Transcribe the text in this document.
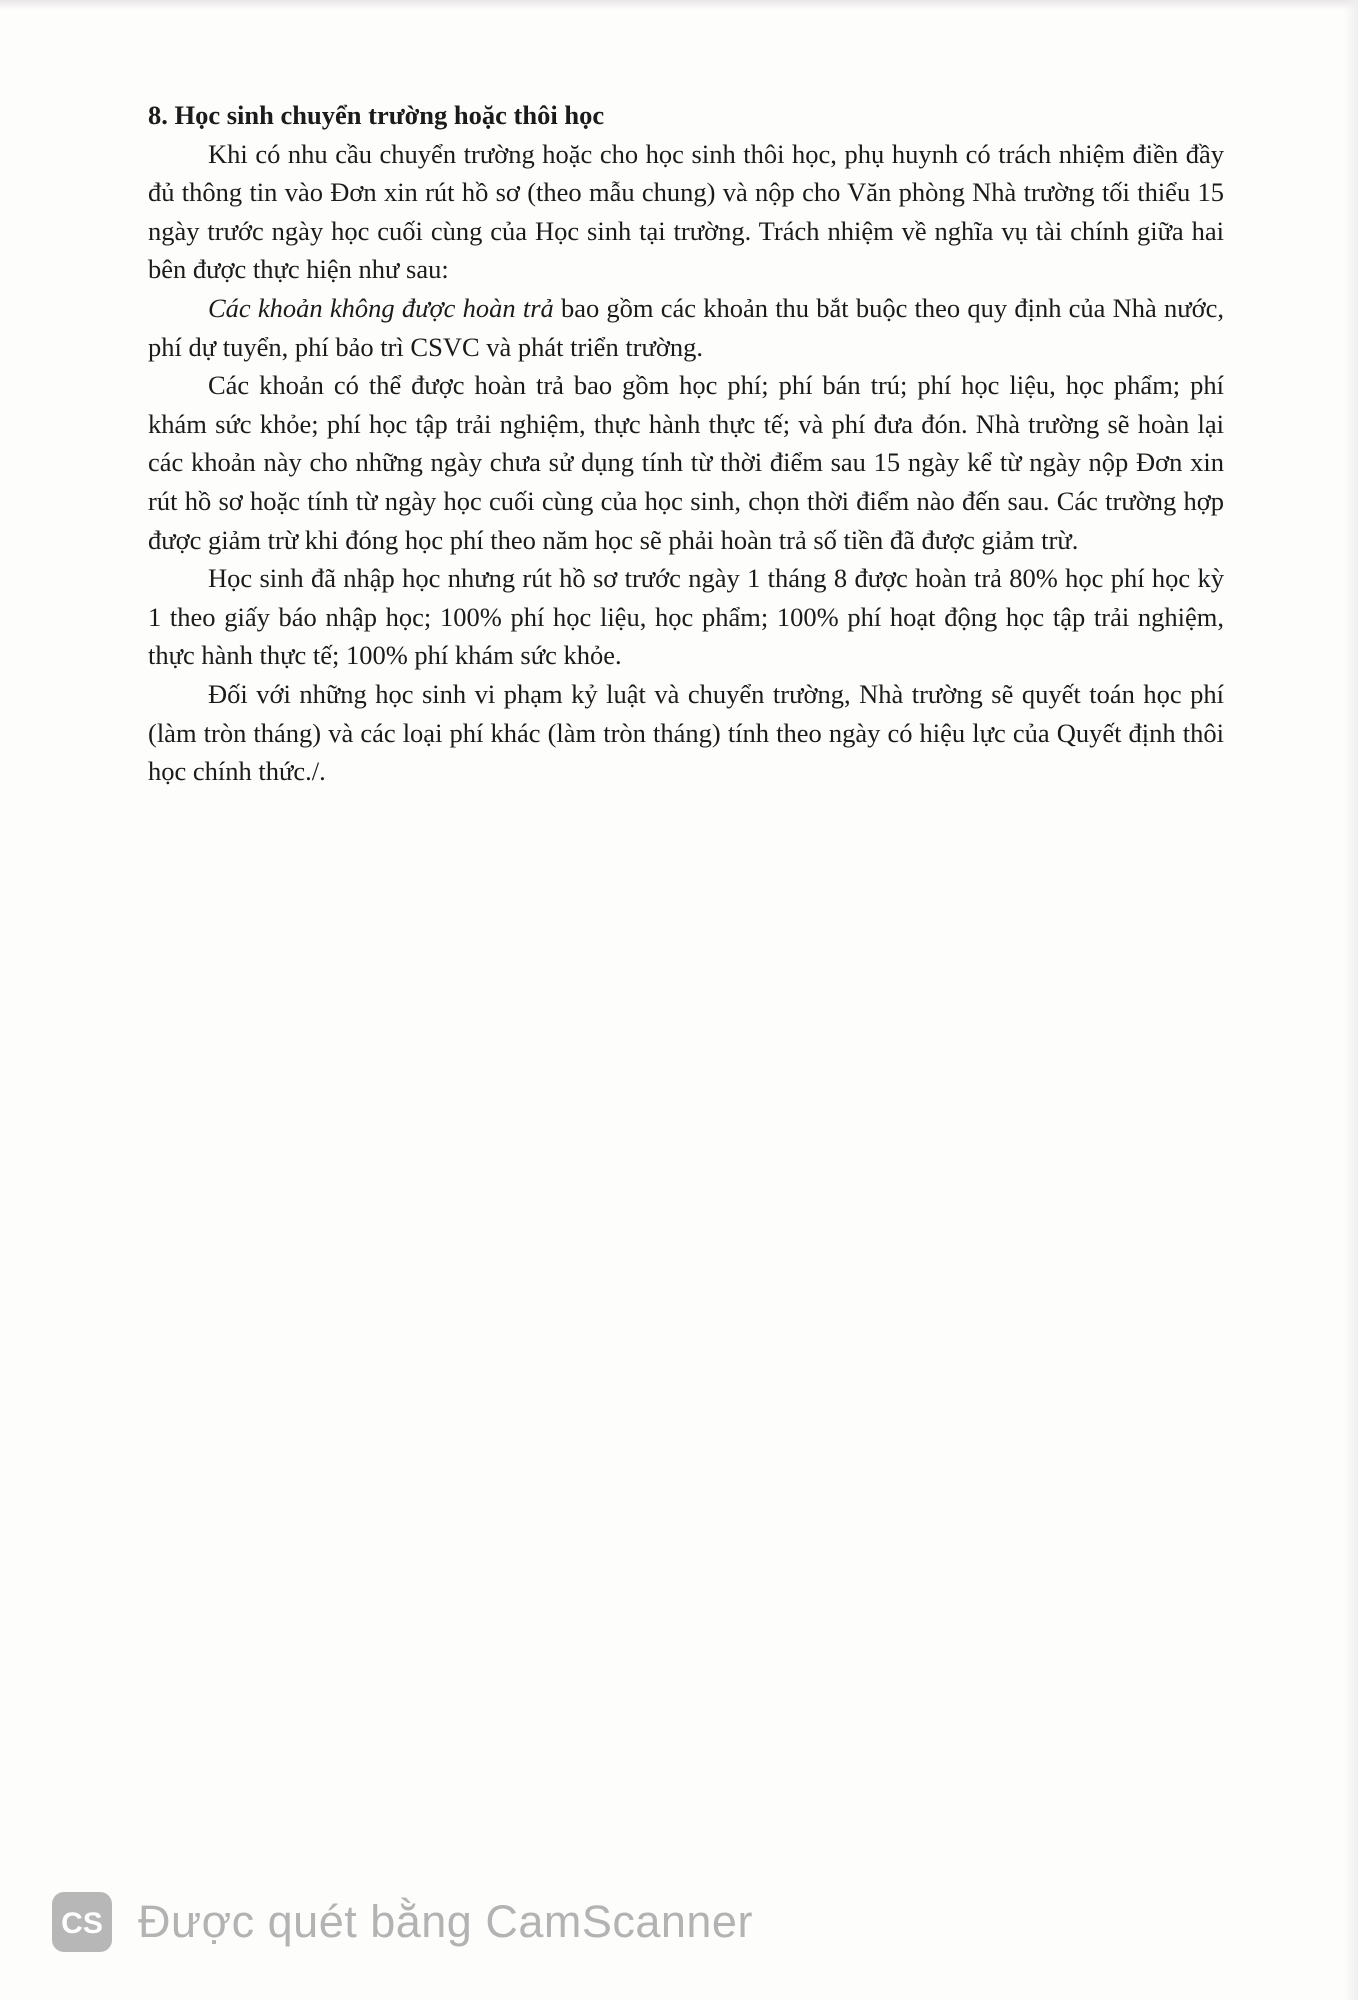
8. Học sinh chuyển trường hoặc thôi học

Khi có nhu cầu chuyển trường hoặc cho học sinh thôi học, phụ huynh có trách nhiệm điền đầy đủ thông tin vào Đơn xin rút hồ sơ (theo mẫu chung) và nộp cho Văn phòng Nhà trường tối thiểu 15 ngày trước ngày học cuối cùng của Học sinh tại trường. Trách nhiệm về nghĩa vụ tài chính giữa hai bên được thực hiện như sau:

Các khoản không được hoàn trả bao gồm các khoản thu bắt buộc theo quy định của Nhà nước, phí dự tuyển, phí bảo trì CSVC và phát triển trường.

Các khoản có thể được hoàn trả bao gồm học phí; phí bán trú; phí học liệu, học phẩm; phí khám sức khỏe; phí học tập trải nghiệm, thực hành thực tế; và phí đưa đón. Nhà trường sẽ hoàn lại các khoản này cho những ngày chưa sử dụng tính từ thời điểm sau 15 ngày kể từ ngày nộp Đơn xin rút hồ sơ hoặc tính từ ngày học cuối cùng của học sinh, chọn thời điểm nào đến sau. Các trường hợp được giảm trừ khi đóng học phí theo năm học sẽ phải hoàn trả số tiền đã được giảm trừ.

Học sinh đã nhập học nhưng rút hồ sơ trước ngày 1 tháng 8 được hoàn trả 80% học phí học kỳ 1 theo giấy báo nhập học; 100% phí học liệu, học phẩm; 100% phí hoạt động học tập trải nghiệm, thực hành thực tế; 100% phí khám sức khỏe.

Đối với những học sinh vi phạm kỷ luật và chuyển trường, Nhà trường sẽ quyết toán học phí (làm tròn tháng) và các loại phí khác (làm tròn tháng) tính theo ngày có hiệu lực của Quyết định thôi học chính thức./.

CS Được quét bằng CamScanner
